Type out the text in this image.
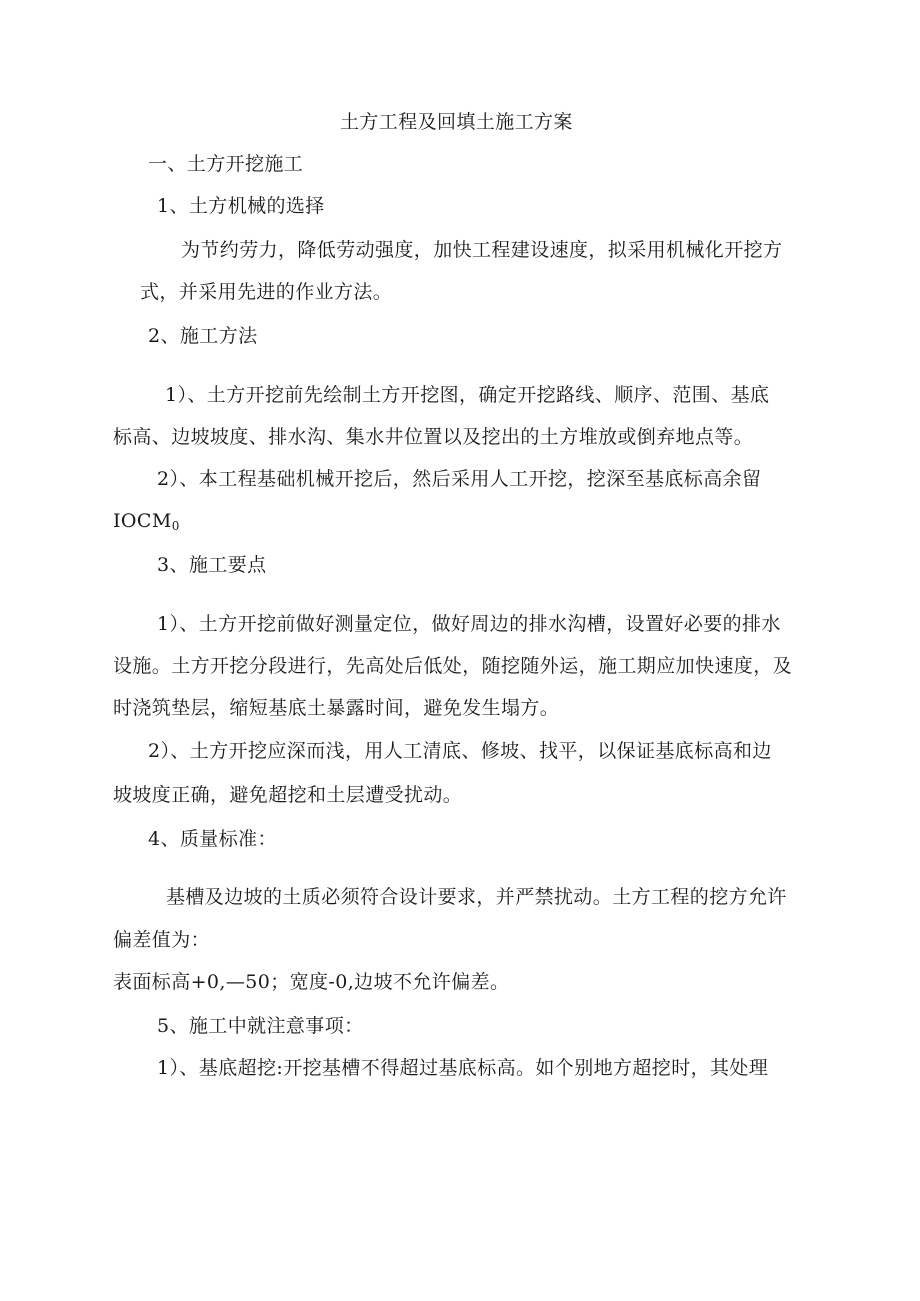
土方工程及回填土施工方案
一、土方开挖施工
1、土方机械的选择
为节约劳力，降低劳动强度，加快工程建设速度，拟采用机械化开挖方
式，并采用先进的作业方法。
2、施工方法
1）、土方开挖前先绘制土方开挖图，确定开挖路线、顺序、范围、基底
标高、边坡坡度、排水沟、集水井位置以及挖出的土方堆放或倒弃地点等。
2）、本工程基础机械开挖后，然后采用人工开挖，挖深至基底标高余留
$IOCM_0$
3、施工要点
1）、土方开挖前做好测量定位，做好周边的排水沟槽，设置好必要的排水
设施。土方开挖分段进行，先高处后低处，随挖随外运，施工期应加快速度，及
时浇筑垫层，缩短基底土暴露时间，避免发生塌方。
2）、土方开挖应深而浅，用人工清底、修坡、找平，以保证基底标高和边
坡坡度正确，避免超挖和土层遭受扰动。
4、质量标准：
基槽及边坡的土质必须符合设计要求，并严禁扰动。土方工程的挖方允许
偏差值为：
表面标高+0,—50；宽度-0,边坡不允许偏差。
5、施工中就注意事项：
1）、基底超挖:开挖基槽不得超过基底标高。如个别地方超挖时，其处理
